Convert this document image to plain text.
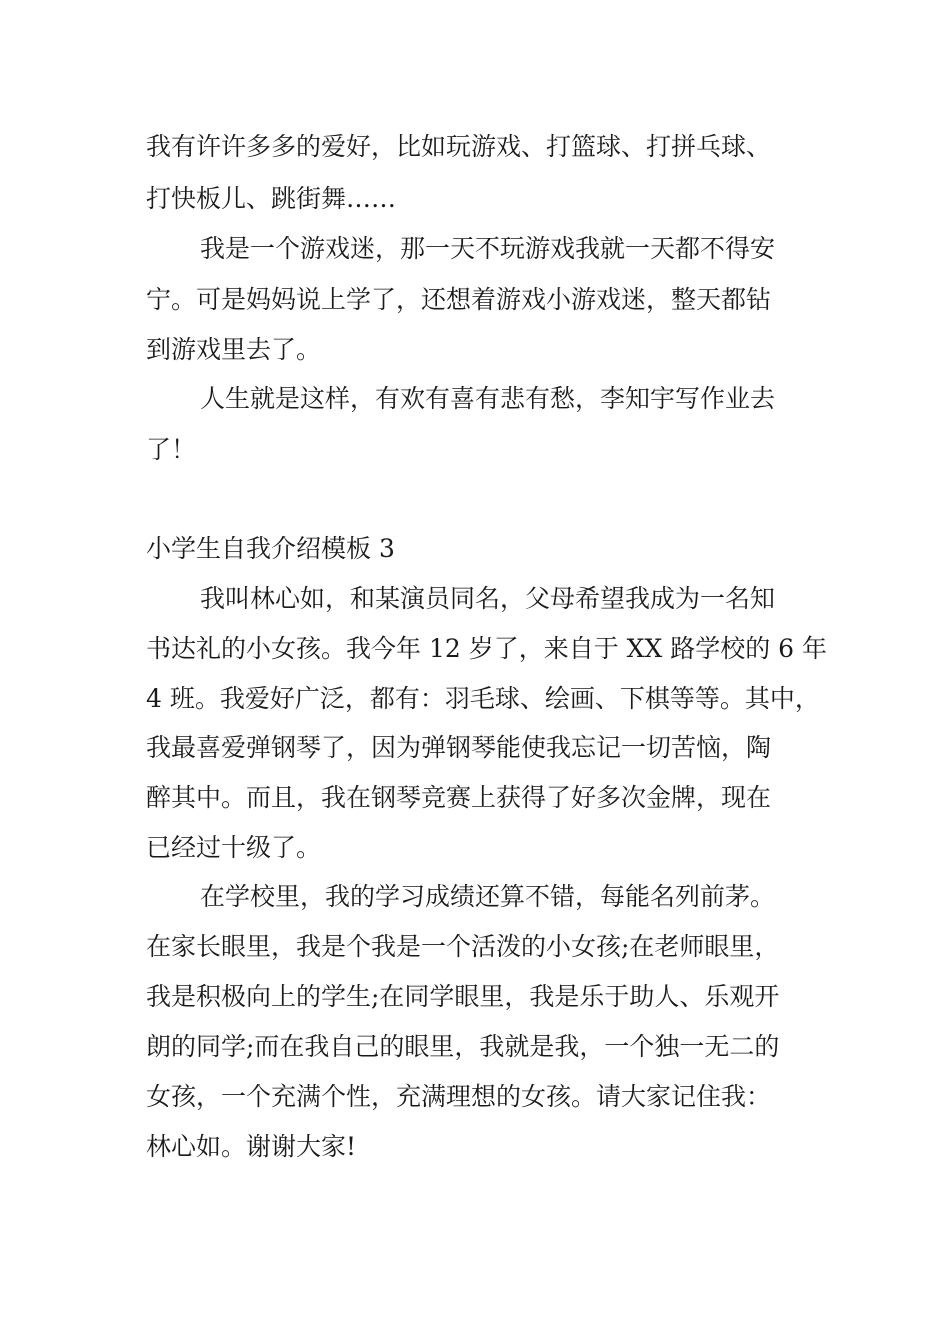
我有许许多多的爱好，比如玩游戏、打篮球、打拼乓球、

打快板儿、跳街舞……

我是一个游戏迷，那一天不玩游戏我就一天都不得安

宁。可是妈妈说上学了，还想着游戏小游戏迷，整天都钻

到游戏里去了。

人生就是这样，有欢有喜有悲有愁，李知宇写作业去

了！

小学生自我介绍模板 3

我叫林心如，和某演员同名，父母希望我成为一名知

书达礼的小女孩。我今年 12 岁了，来自于 XX 路学校的 6 年

4 班。我爱好广泛，都有：羽毛球、绘画、下棋等等。其中，

我最喜爱弹钢琴了，因为弹钢琴能使我忘记一切苦恼，陶

醉其中。而且，我在钢琴竞赛上获得了好多次金牌，现在

已经过十级了。

在学校里，我的学习成绩还算不错，每能名列前茅。

在家长眼里，我是个我是一个活泼的小女孩;在老师眼里，

我是积极向上的学生;在同学眼里，我是乐于助人、乐观开

朗的同学;而在我自己的眼里，我就是我，一个独一无二的

女孩，一个充满个性，充满理想的女孩。请大家记住我：

林心如。谢谢大家!
